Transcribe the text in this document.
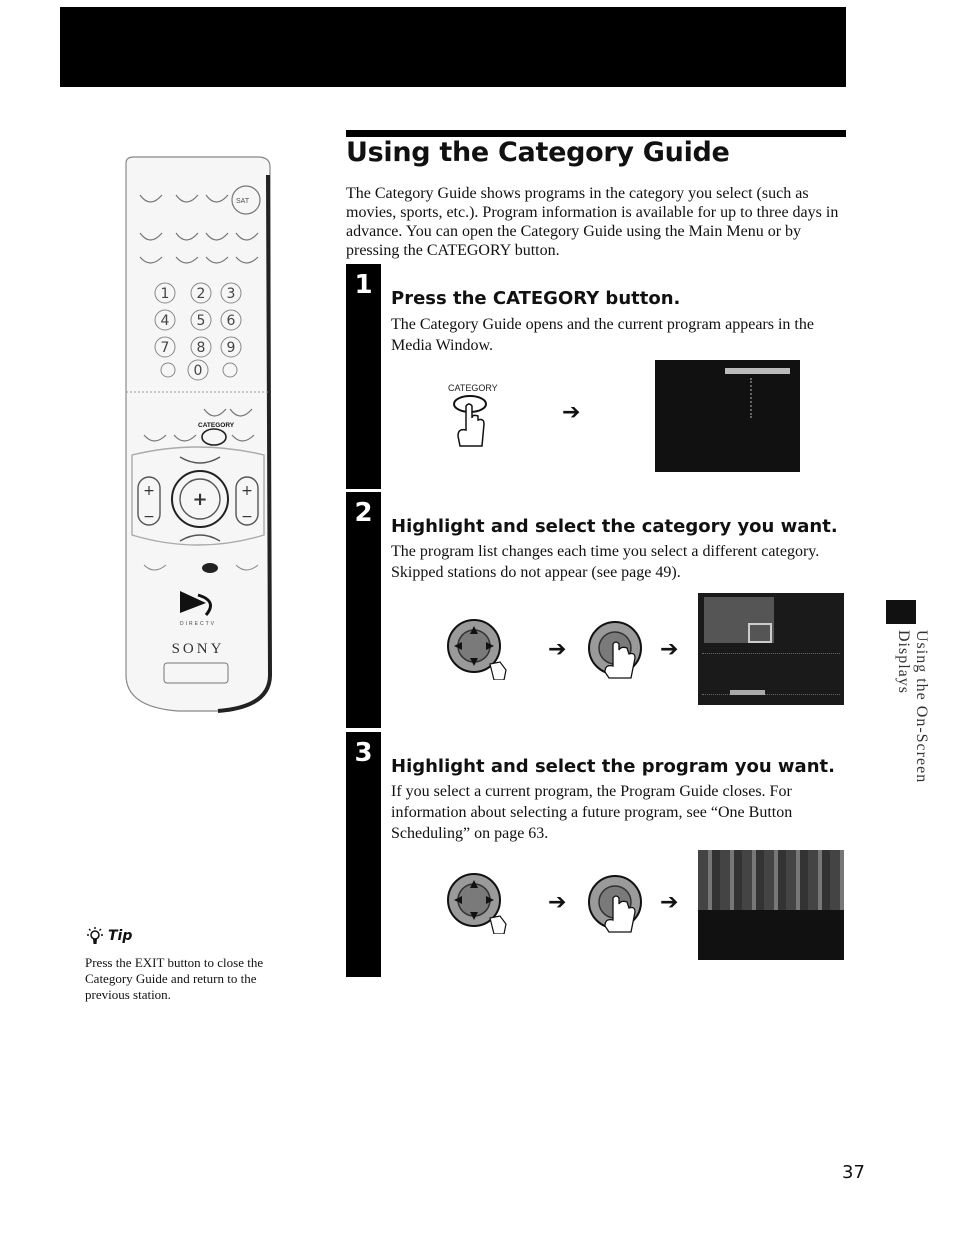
Using the Category Guide

The Category Guide shows programs in the category you select (such as movies, sports, etc.). Program information is available for up to three days in advance. You can open the Category Guide using the Main Menu or by pressing the CATEGORY button.

SAT
1 2 3
4 5 6
7 8 9
0
CATEGORY
+
−
+
−
+
DIRECTV
SONY
1	Press the CATEGORY button.

The Category Guide opens and the current program appears in the Media Window.

CATEGORY
➔
2	Highlight and select the category you want.

The program list changes each time you select a different category. Skipped stations do not appear (see page 49).

➔	➔
3	Highlight and select the program you want.

If you select a current program, the Program Guide closes. For information about selecting a future program, see “One Button Scheduling” on page 63.

➔	➔
Using the On-Screen Displays
Tip

Press the EXIT button to close the Category Guide and return to the previous station.

37
